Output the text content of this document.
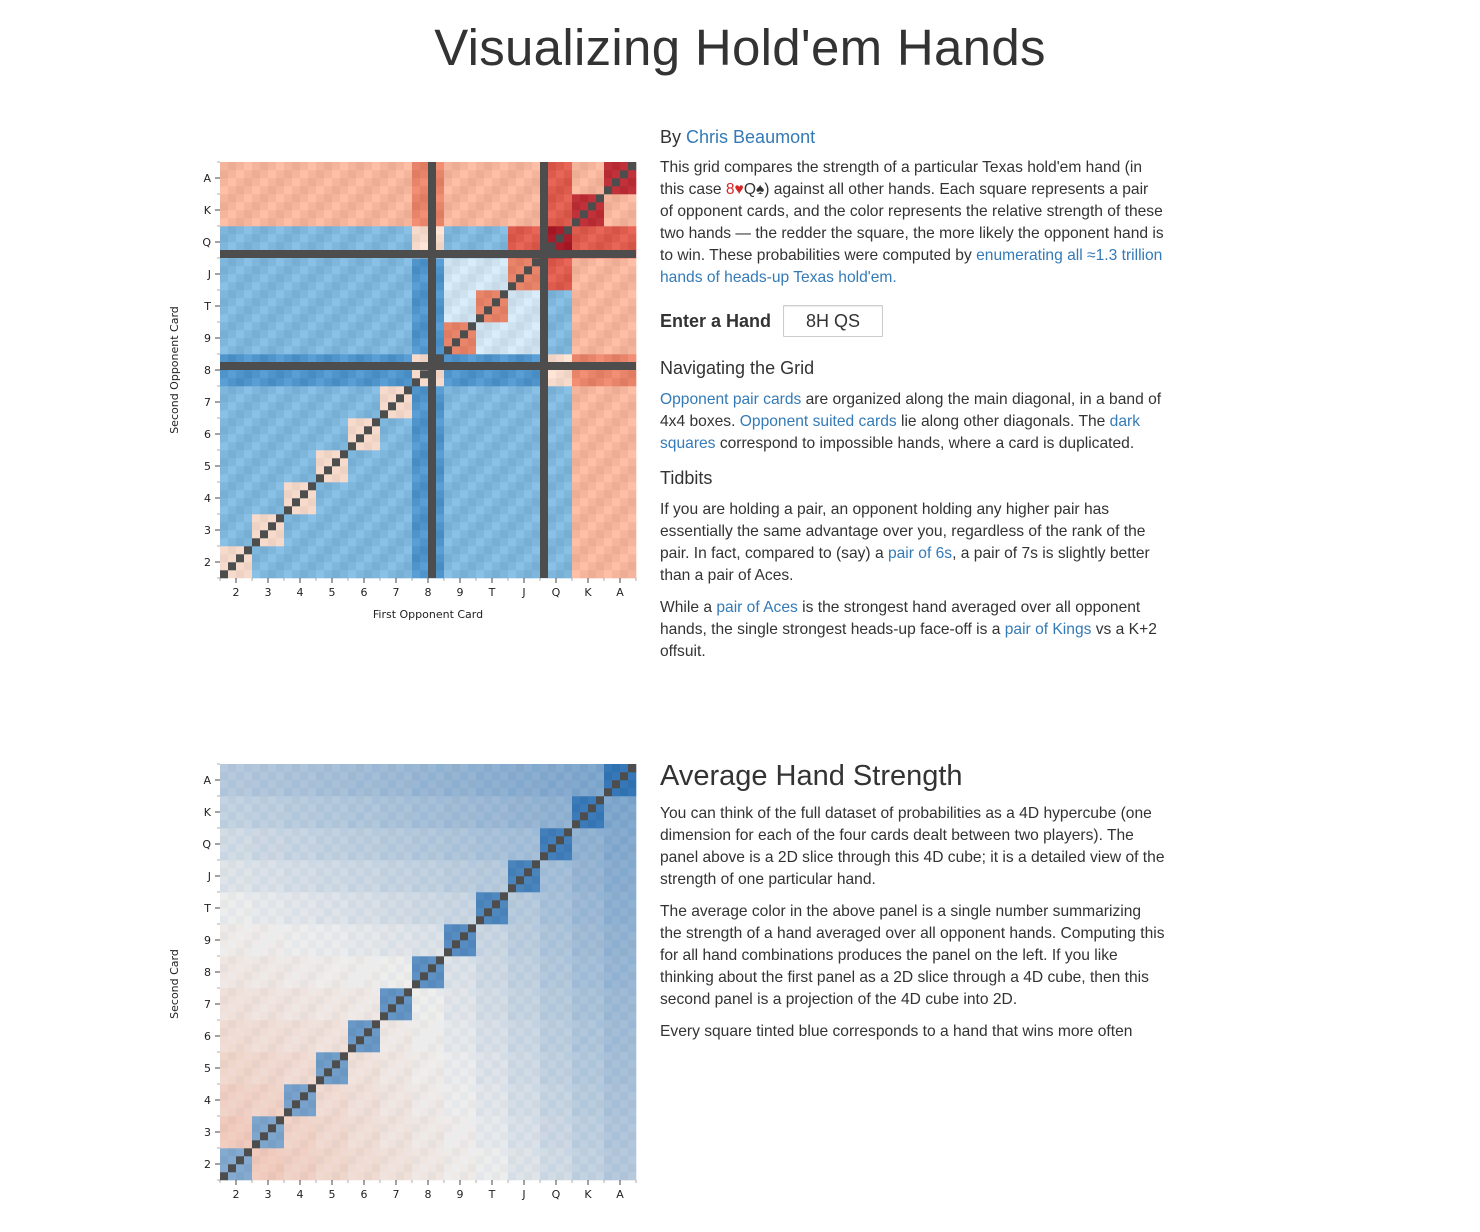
Visualizing Hold'em Hands
2
2
3
3
4
4
5
5
6
6
7
7
8
8
9
9
T
T
J
J
Q
Q
K
K
A
A
First Opponent Card
Second Opponent Card
2
2
3
3
4
4
5
5
6
6
7
7
8
8
9
9
T
T
J
J
Q
Q
K
K
A
A
Second Card

By Chris Beaumont

This grid compares the strength of a particular Texas hold'em hand (in this case 8♥Q♠) against all other hands. Each square represents a pair of opponent cards, and the color represents the relative strength of these two hands — the redder the square, the more likely the opponent hand is to win. These probabilities were computed by enumerating all ≈1.3 trillion hands of heads-up Texas hold'em.

Enter a Hand
8H QS
Navigating the Grid

Opponent pair cards are organized along the main diagonal, in a band of 4x4 boxes. Opponent suited cards lie along other diagonals. The dark squares correspond to impossible hands, where a card is duplicated.

Tidbits

If you are holding a pair, an opponent holding any higher pair has essentially the same advantage over you, regardless of the rank of the pair. In fact, compared to (say) a pair of 6s, a pair of 7s is slightly better than a pair of Aces.

While a pair of Aces is the strongest hand averaged over all opponent hands, the single strongest heads-up face-off is a pair of Kings vs a K+2 offsuit.

Average Hand Strength

You can think of the full dataset of probabilities as a 4D hypercube (one dimension for each of the four cards dealt between two players). The panel above is a 2D slice through this 4D cube; it is a detailed view of the strength of one particular hand.

The average color in the above panel is a single number summarizing the strength of a hand averaged over all opponent hands. Computing this for all hand combinations produces the panel on the left. If you like thinking about the first panel as a 2D slice through a 4D cube, then this second panel is a projection of the 4D cube into 2D.

Every square tinted blue corresponds to a hand that wins more often
